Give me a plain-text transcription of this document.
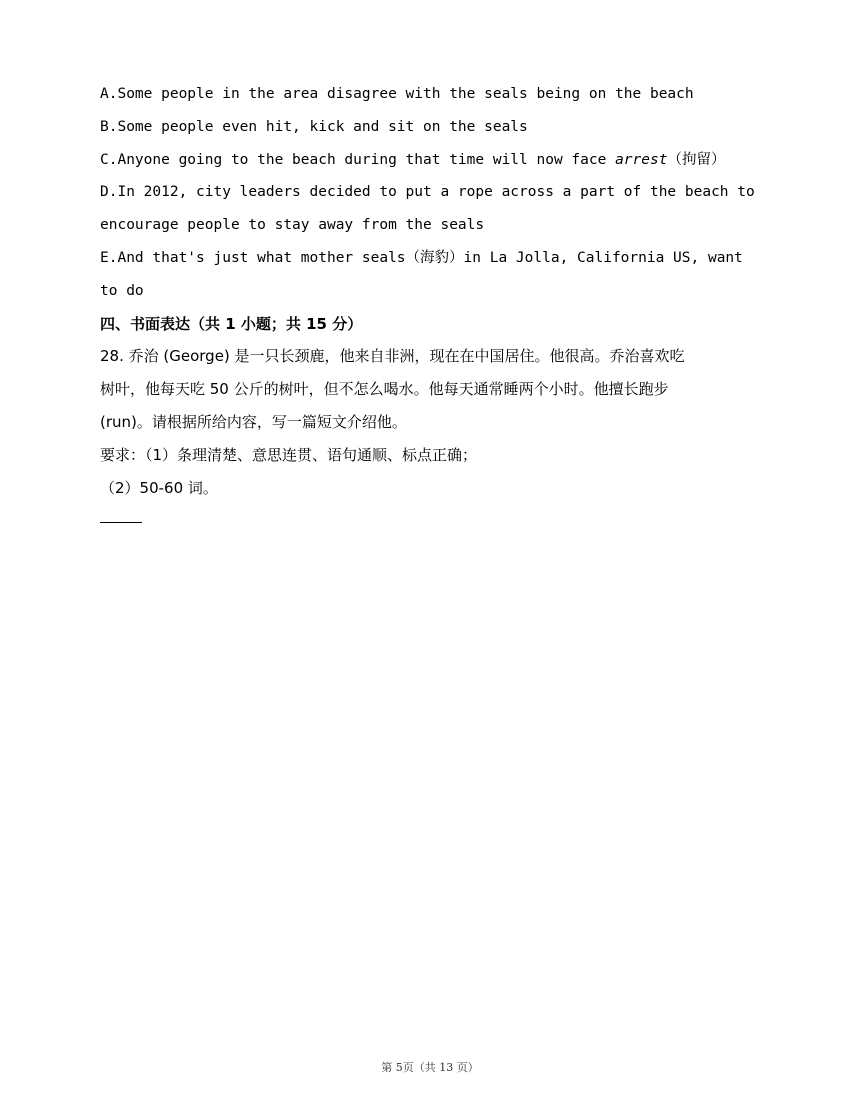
A.Some people in the area disagree with the seals being on the beach

B.Some people even hit, kick and sit on the seals

C.Anyone going to the beach during that time will now face arrest（拘留）

D.In 2012, city leaders decided to put a rope across a part of the beach to

encourage people to stay away from the seals

E.And that's just what mother seals（海豹）in La Jolla, California US, want

to do

四、书面表达（共 1 小题；共 15 分）

28. 乔治 (George) 是一只长颈鹿，他来自非洲，现在在中国居住。他很高。乔治喜欢吃

树叶，他每天吃 50 公斤的树叶，但不怎么喝水。他每天通常睡两个小时。他擅长跑步

(run)。请根据所给内容，写一篇短文介绍他。

要求：（1）条理清楚、意思连贯、语句通顺、标点正确；

（2）50-60 词。

第 5页（共 13 页）
